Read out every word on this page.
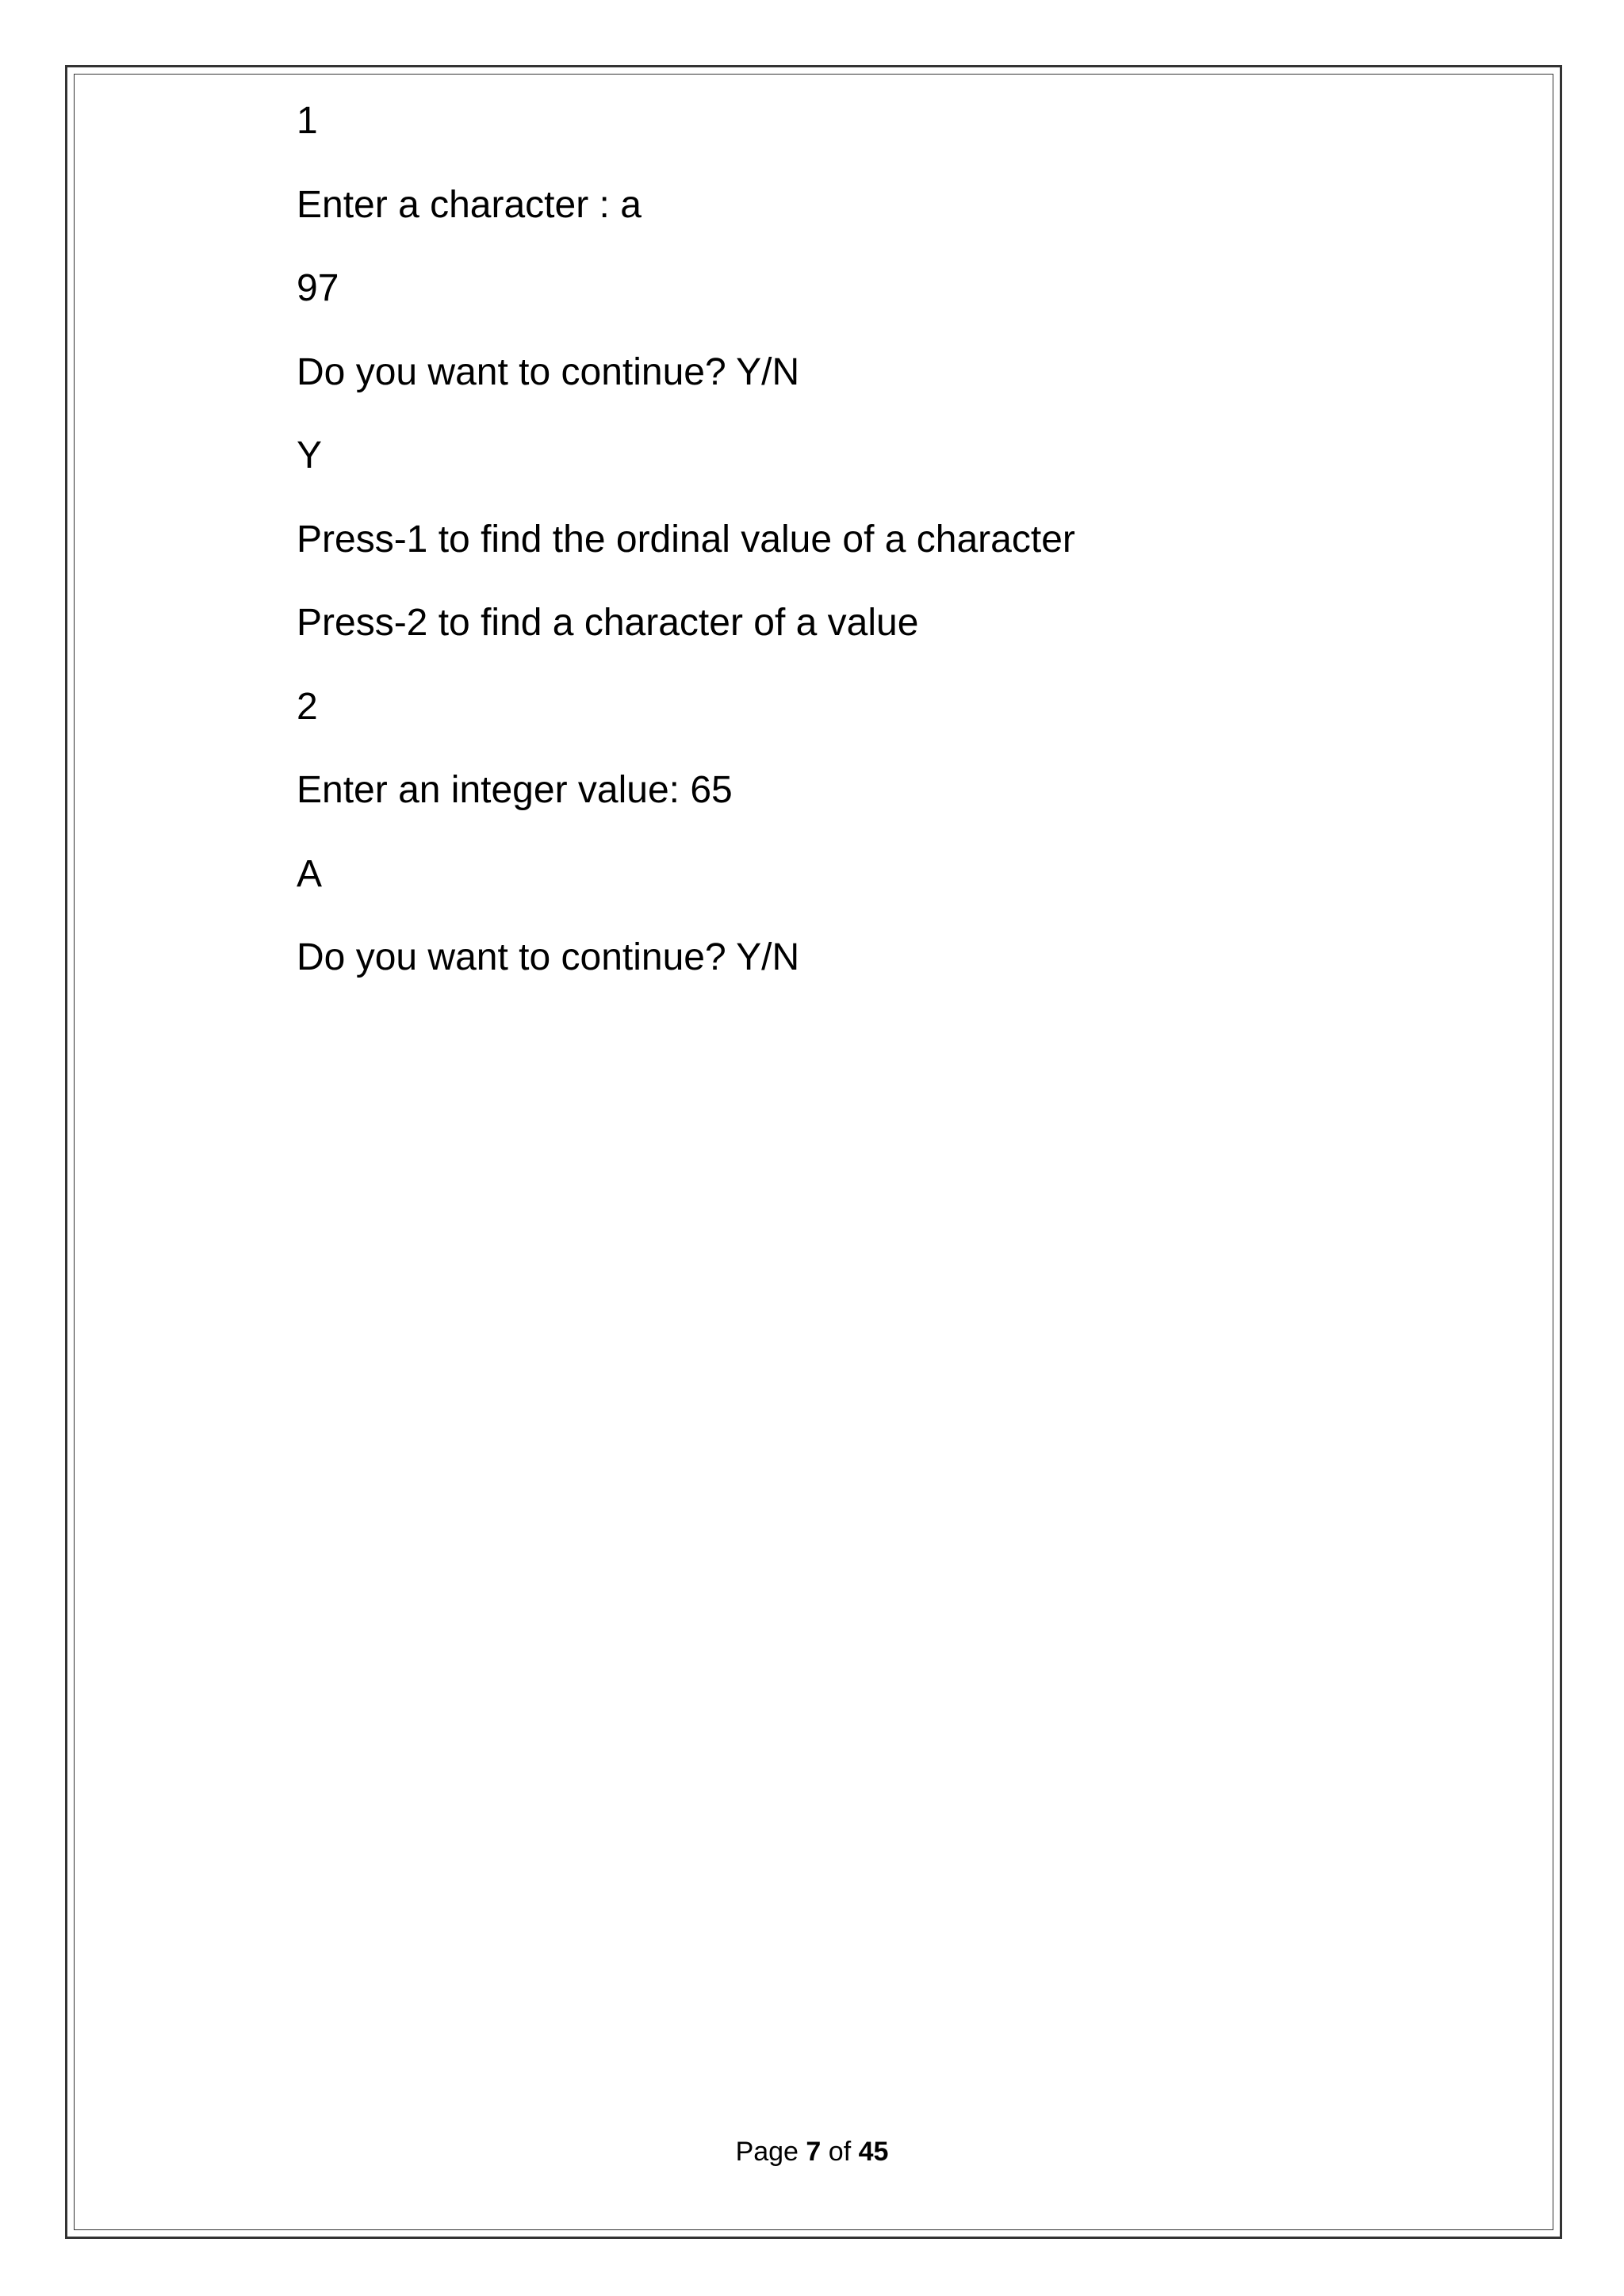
1
Enter a character : a
97
Do you want to continue? Y/N
Y
Press-1 to find the ordinal value of a character
Press-2 to find a character of a value
2
Enter an integer value: 65
A
Do you want to continue? Y/N
Page 7 of 45
